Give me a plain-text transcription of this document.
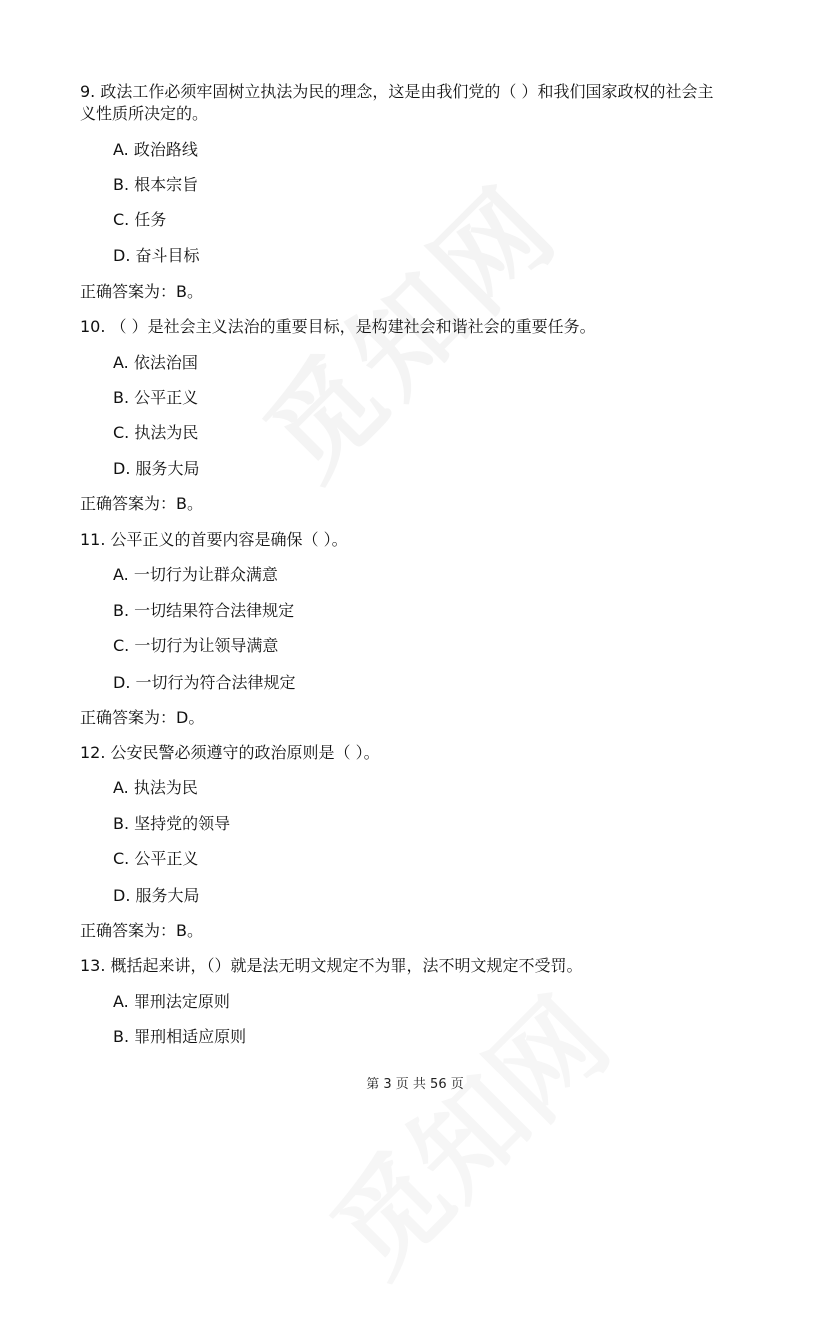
9. 政法工作必须牢固树立执法为民的理念，这是由我们党的（ ）和我们国家政权的社会主
义性质所决定的。
A. 政治路线
B. 根本宗旨
C. 任务
D. 奋斗目标
正确答案为：B。
10. （ ）是社会主义法治的重要目标，是构建社会和谐社会的重要任务。
A. 依法治国
B. 公平正义
C. 执法为民
D. 服务大局
正确答案为：B。
11. 公平正义的首要内容是确保（ ）。
A. 一切行为让群众满意
B. 一切结果符合法律规定
C. 一切行为让领导满意
D. 一切行为符合法律规定
正确答案为：D。
12. 公安民警必须遵守的政治原则是（ ）。
A. 执法为民
B. 坚持党的领导
C. 公平正义
D. 服务大局
正确答案为：B。
13. 概括起来讲，（）就是法无明文规定不为罪，法不明文规定不受罚。
A. 罪刑法定原则
B. 罪刑相适应原则
第 3 页 共 56 页
